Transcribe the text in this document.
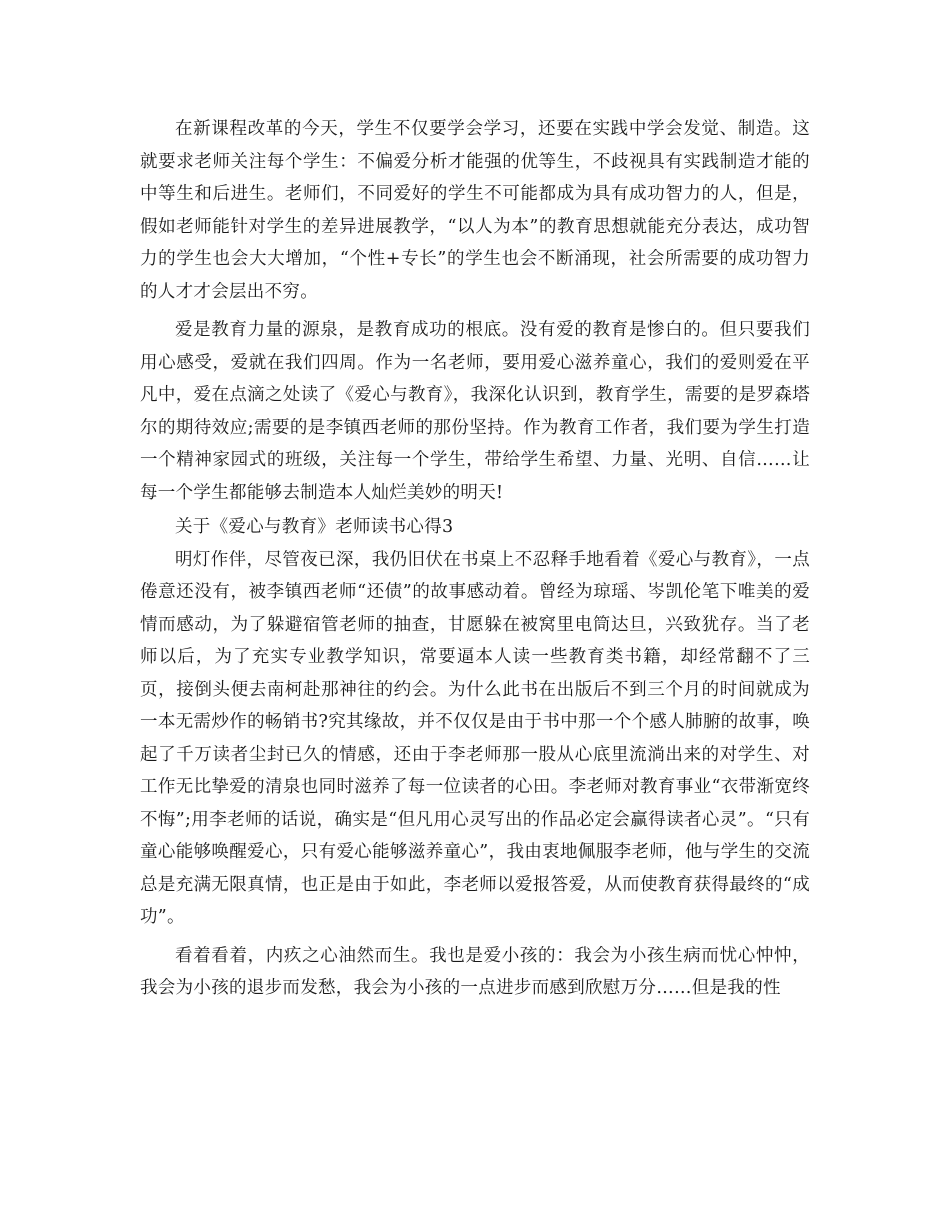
在新课程改革的今天，学生不仅要学会学习，还要在实践中学会发觉、制造。这就要求老师关注每个学生：不偏爱分析才能强的优等生，不歧视具有实践制造才能的中等生和后进生。老师们，不同爱好的学生不可能都成为具有成功智力的人，但是，假如老师能针对学生的差异进展教学，“以人为本”的教育思想就能充分表达，成功智力的学生也会大大增加，“个性+专长”的学生也会不断涌现，社会所需要的成功智力的人才才会层出不穷。

爱是教育力量的源泉，是教育成功的根底。没有爱的教育是惨白的。但只要我们用心感受，爱就在我们四周。作为一名老师，要用爱心滋养童心，我们的爱则爱在平凡中，爱在点滴之处读了《爱心与教育》，我深化认识到，教育学生，需要的是罗森塔尔的期待效应;需要的是李镇西老师的那份坚持。作为教育工作者，我们要为学生打造一个精神家园式的班级，关注每一个学生，带给学生希望、力量、光明、自信……让每一个学生都能够去制造本人灿烂美妙的明天!

关于《爱心与教育》老师读书心得3

明灯作伴，尽管夜已深，我仍旧伏在书桌上不忍释手地看着《爱心与教育》，一点倦意还没有，被李镇西老师“还债”的故事感动着。曾经为琼瑶、岑凯伦笔下唯美的爱情而感动，为了躲避宿管老师的抽查，甘愿躲在被窝里电筒达旦，兴致犹存。当了老师以后，为了充实专业教学知识，常要逼本人读一些教育类书籍，却经常翻不了三页，接倒头便去南柯赴那神往的约会。为什么此书在出版后不到三个月的时间就成为一本无需炒作的畅销书?究其缘故，并不仅仅是由于书中那一个个感人肺腑的故事，唤起了千万读者尘封已久的情感，还由于李老师那一股从心底里流淌出来的对学生、对工作无比挚爱的清泉也同时滋养了每一位读者的心田。李老师对教育事业“衣带渐宽终不悔”;用李老师的话说，确实是“但凡用心灵写出的作品必定会赢得读者心灵”。“只有童心能够唤醒爱心，只有爱心能够滋养童心”，我由衷地佩服李老师，他与学生的交流总是充满无限真情，也正是由于如此，李老师以爱报答爱，从而使教育获得最终的“成功”。

看着看着，内疚之心油然而生。我也是爱小孩的：我会为小孩生病而忧心忡忡，我会为小孩的退步而发愁，我会为小孩的一点进步而感到欣慰万分……但是我的性
